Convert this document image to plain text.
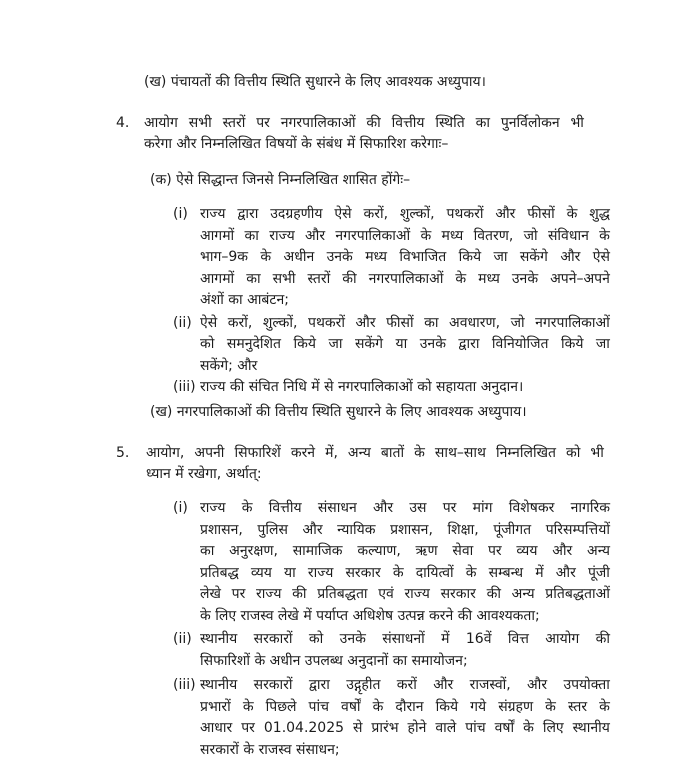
(ख) पंचायतों की वित्तीय स्थिति सुधारने के लिए आवश्यक अध्युपाय।
4. आयोग सभी स्तरों पर नगरपालिकाओं की वित्तीय स्थिति का पुनर्विलोकन भी
करेगा और निम्नलिखित विषयों के संबंध में सिफारिश करेगाः–
(क) ऐसे सिद्धान्त जिनसे निम्नलिखित शासित होंगेः–
(i) राज्य द्वारा उदग्रहणीय ऐसे करों, शुल्कों, पथकरों और फीसों के शुद्ध
आगमों का राज्य और नगरपालिकाओं के मध्य वितरण, जो संविधान के
भाग–9क के अधीन उनके मध्य विभाजित किये जा सकेंगे और ऐसे
आगमों का सभी स्तरों की नगरपालिकाओं के मध्य उनके अपने–अपने
अंशों का आबंटन;
(ii) ऐसे करों, शुल्कों, पथकरों और फीसों का अवधारण, जो नगरपालिकाओं
को समनुदेशित किये जा सकेंगे या उनके द्वारा विनियोजित किये जा
सकेंगे; और
(iii) राज्य की संचित निधि में से नगरपालिकाओं को सहायता अनुदान।
(ख) नगरपालिकाओं की वित्तीय स्थिति सुधारने के लिए आवश्यक अध्युपाय।
5. आयोग, अपनी सिफारिशें करने में, अन्य बातों के साथ–साथ निम्नलिखित को भी
ध्यान में रखेगा, अर्थात्:
(i) राज्य के वित्तीय संसाधन और उस पर मांग विशेषकर नागरिक
प्रशासन, पुलिस और न्यायिक प्रशासन, शिक्षा, पूंजीगत परिसम्पत्तियों
का अनुरक्षण, सामाजिक कल्याण, ऋण सेवा पर व्यय और अन्य
प्रतिबद्ध व्यय या राज्य सरकार के दायित्वों के सम्बन्ध में और पूंजी
लेखे पर राज्य की प्रतिबद्धता एवं राज्य सरकार की अन्य प्रतिबद्धताओं
के लिए राजस्व लेखे में पर्याप्त अधिशेष उत्पन्न करने की आवश्यकता;
(ii) स्थानीय सरकारों को उनके संसाधनों में 16वें वित्त आयोग की
सिफारिशों के अधीन उपलब्ध अनुदानों का समायोजन;
(iii) स्थानीय सरकारों द्वारा उद्गृहीत करों और राजस्वों, और उपयोक्ता
प्रभारों के पिछले पांच वर्षों के दौरान किये गये संग्रहण के स्तर के
आधार पर 01.04.2025 से प्रारंभ होने वाले पांच वर्षों के लिए स्थानीय
सरकारों के राजस्व संसाधन;
